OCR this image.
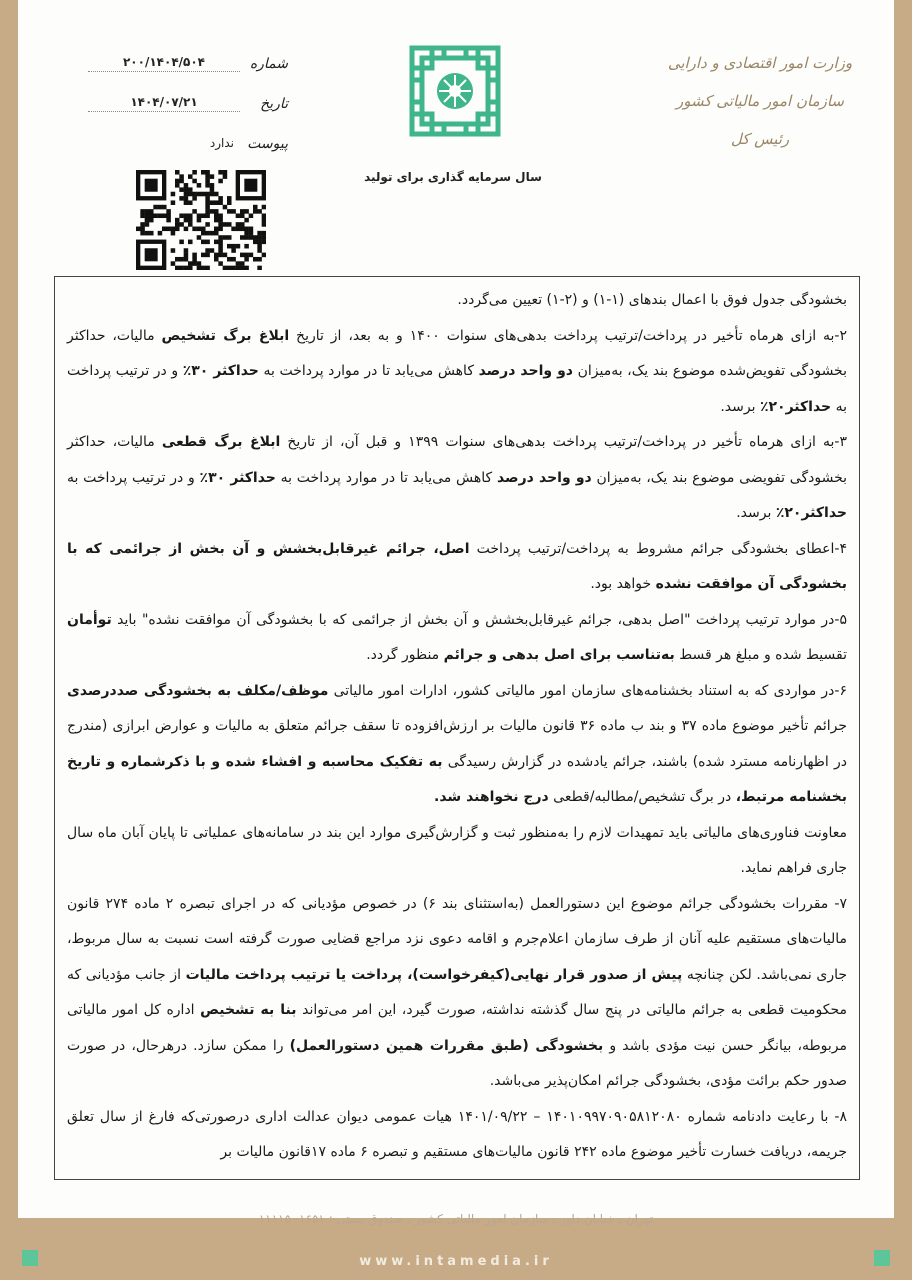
وزارت امور اقتصادی و دارایی
سازمان امور مالیاتی کشور
رئیس کل
سال سرمایه گذاری برای تولید
شماره
۲۰۰/۱۴۰۴/۵۰۴
تاریخ
۱۴۰۴/۰۷/۲۱
پیوست
ندارد

بخشودگی جدول فوق با اعمال بندهای (۱-۱) و (۲-۱) تعیین می‌گردد.

۲-به ازای هرماه تأخیر در پرداخت/ترتیب پرداخت بدهی‌های سنوات ۱۴۰۰ و به بعد، از تاریخ ابلاغ برگ تشخیص مالیات، حداکثر بخشودگی تفویض‌شده موضوع بند یک، به‌میزان دو واحد درصد کاهش می‌یابد تا در موارد پرداخت به حداکثر ۳۰٪ و در ترتیب پرداخت به حداکثر۲۰٪ برسد.

۳-به ازای هرماه تأخیر در پرداخت/ترتیب پرداخت بدهی‌های سنوات ۱۳۹۹ و قبل آن، از تاریخ ابلاغ برگ قطعی مالیات، حداکثر بخشودگی تفویضی موضوع بند یک، به‌میزان دو واحد درصد کاهش می‌یابد تا در موارد پرداخت به حداکثر ۳۰٪ و در ترتیب پرداخت به حداکثر۲۰٪ برسد.

۴-اعطای بخشودگی جرائم مشروط به پرداخت/ترتیب پرداخت اصل، جرائم غیرقابل‌بخشش و آن بخش از جرائمی که با بخشودگی آن موافقت نشده خواهد بود.

۵-در موارد ترتیب پرداخت "اصل بدهی، جرائم غیرقابل‌بخشش و آن بخش از جرائمی که با بخشودگی آن موافقت نشده" باید توأمان تقسیط شده و مبلغ هر قسط به‌تناسب برای اصل بدهی و جرائم منظور گردد.

۶-در مواردی که به استناد بخشنامه‌های سازمان امور مالیاتی کشور، ادارات امور مالیاتی موظف/مکلف به بخشودگی صددرصدی جرائم تأخیر موضوع ماده ۳۷ و بند ب ماده ۳۶ قانون مالیات بر ارزش‌افزوده تا سقف جرائم متعلق به مالیات و عوارض ابرازی (مندرج در اظهارنامه مسترد شده) باشند، جرائم یادشده در گزارش رسیدگی به تفکیک محاسبه و افشاء شده و با ذکرشماره و تاریخ بخشنامه مرتبط، در برگ تشخیص/مطالبه/قطعی درج نخواهند شد.

معاونت فناوری‌های مالیاتی باید تمهیدات لازم را به‌منظور ثبت و گزارش‌گیری موارد این بند در سامانه‌های عملیاتی تا پایان آبان ماه سال جاری فراهم نماید.

۷- مقررات بخشودگی جرائم موضوع این دستورالعمل (به‌استثنای بند ۶) در خصوص مؤدیانی که در اجرای تبصره ۲ ماده ۲۷۴ قانون مالیات‌های مستقیم علیه آنان از طرف سازمان اعلام‌جرم و اقامه دعوی نزد مراجع قضایی صورت گرفته است نسبت به سال مربوط، جاری نمی‌باشد. لکن چنانچه پیش از صدور قرار نهایی(کیفرخواست)، پرداخت یا ترتیب پرداخت مالیات از جانب مؤدیانی که محکومیت قطعی به جرائم مالیاتی در پنج سال گذشته نداشته، صورت گیرد، این امر می‌تواند بنا به تشخیص اداره کل امور مالیاتی مربوطه، بیانگر حسن نیت مؤدی باشد و بخشودگی (طبق مقررات همین دستورالعمل) را ممکن سازد. درهرحال، در صورت صدور حکم برائت مؤدی، بخشودگی جرائم امکان‌پذیر می‌باشد.

۸- با رعایت دادنامه شماره ۱۴۰۱۰۹۹۷۰۹۰۵۸۱۲۰۸۰ – ۱۴۰۱/۰۹/۲۲ هیات عمومی دیوان عدالت اداری درصورتی‌که فارغ از سال تعلق جریمه، دریافت خسارت تأخیر موضوع ماده ۲۴۲ قانون مالیات‌های مستقیم و تبصره ۶ ماده ۱۷قانون مالیات بر

تهران ـ خیابان داور ـ سازمان امور مالیاتی کشور ـ صندوق پستی : ۱۶۵۱- ۱۱۱۱۵
www.intamedia.ir
